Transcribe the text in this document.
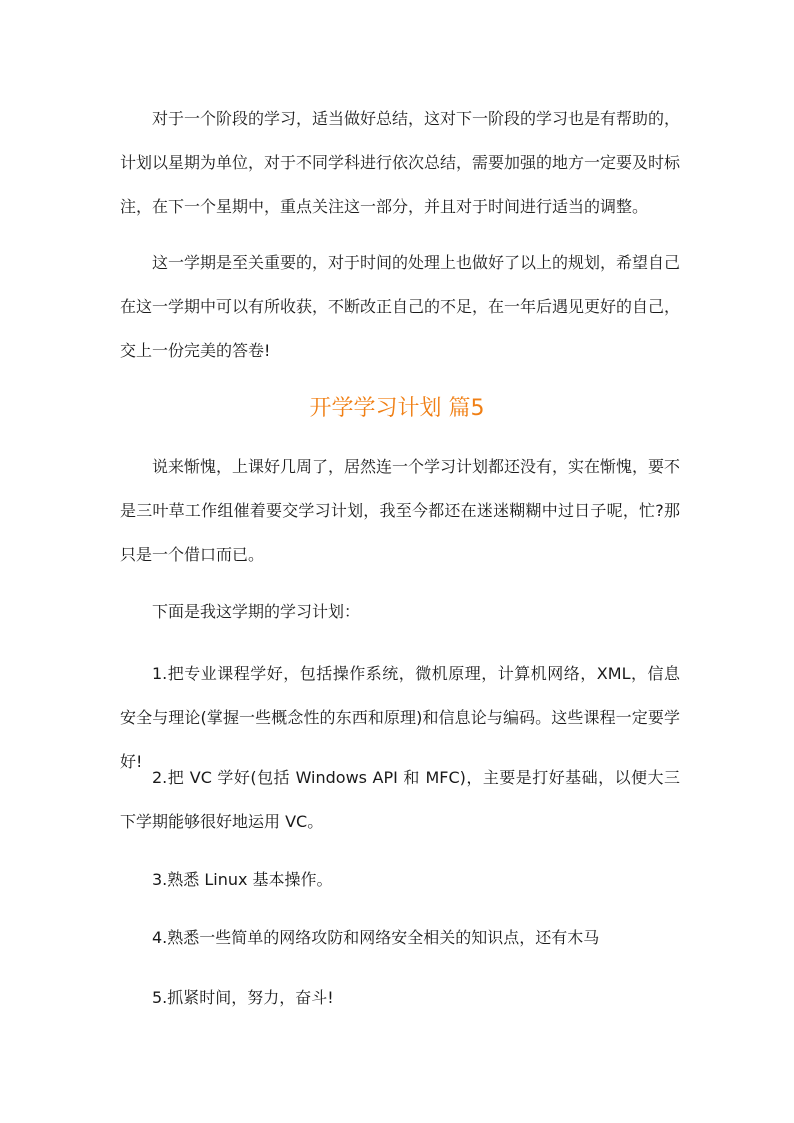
对于一个阶段的学习，适当做好总结，这对下一阶段的学习也是有帮助的，计划以星期为单位，对于不同学科进行依次总结，需要加强的地方一定要及时标注，在下一个星期中，重点关注这一部分，并且对于时间进行适当的调整。

这一学期是至关重要的，对于时间的处理上也做好了以上的规划，希望自己在这一学期中可以有所收获，不断改正自己的不足，在一年后遇见更好的自己，交上一份完美的答卷!

开学学习计划 篇5

说来惭愧，上课好几周了，居然连一个学习计划都还没有，实在惭愧，要不是三叶草工作组催着要交学习计划，我至今都还在迷迷糊糊中过日子呢，忙?那只是一个借口而已。

下面是我这学期的学习计划：

1.把专业课程学好，包括操作系统，微机原理，计算机网络，XML，信息安全与理论(掌握一些概念性的东西和原理)和信息论与编码。这些课程一定要学好!

2.把 VC 学好(包括 Windows API 和 MFC)，主要是打好基础，以便大三下学期能够很好地运用 VC。

3.熟悉 Linux 基本操作。

4.熟悉一些简单的网络攻防和网络安全相关的知识点，还有木马

5.抓紧时间，努力，奋斗!
